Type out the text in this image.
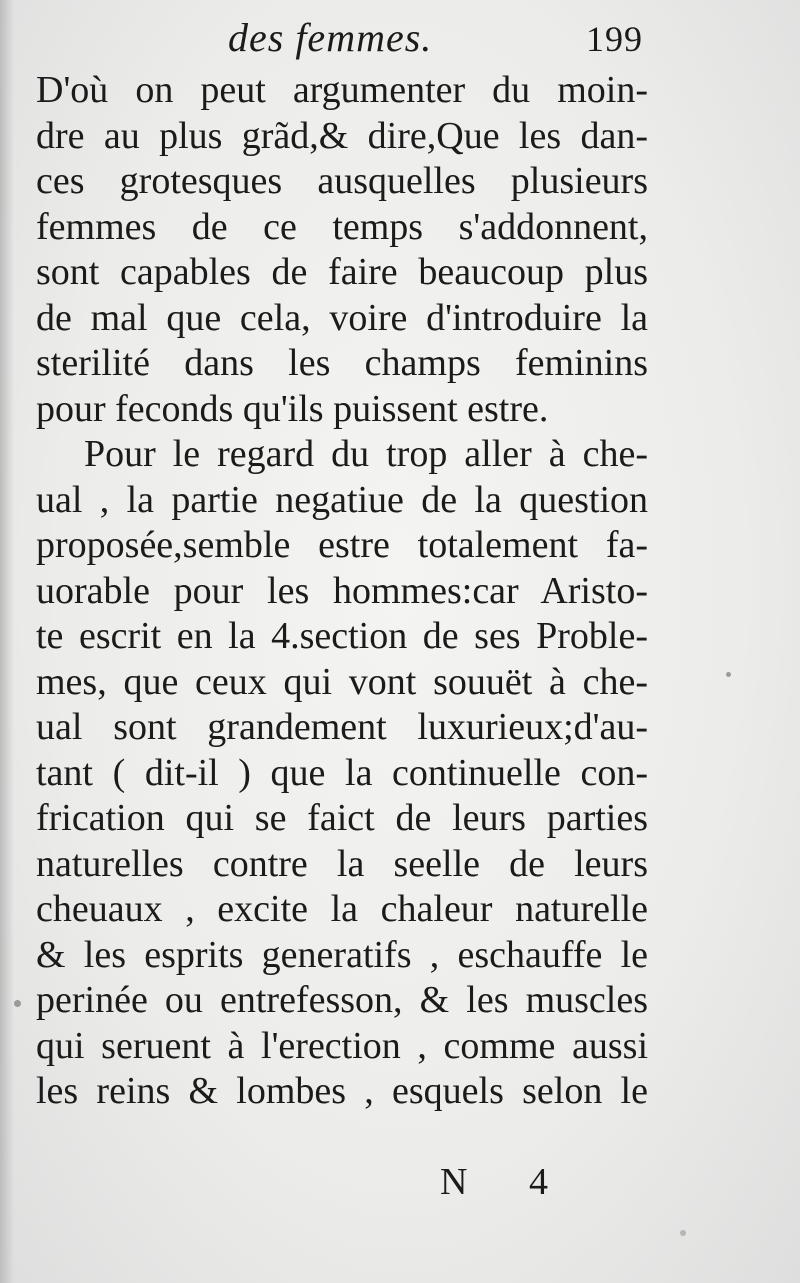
des femmes.	199
D'où on peut argumenter du moin-
dre au plus grãd,& dire,Que les dan-
ces grotesques ausquelles plusieurs
femmes de ce temps s'addonnent,
sont capables de faire beaucoup plus
de mal que cela, voire d'introduire la
sterilité dans les champs feminins
pour feconds qu'ils puissent estre.
Pour le regard du trop aller à che-
ual , la partie negatiue de la question
proposée,semble estre totalement fa-
uorable pour les hommes:car Aristo-
te escrit en la 4.section de ses Proble-
mes, que ceux qui vont souuët à che-
ual sont grandement luxurieux;d'au-
tant ( dit-il ) que la continuelle con-
frication qui se faict de leurs parties
naturelles contre la seelle de leurs
cheuaux , excite la chaleur naturelle
& les esprits generatifs , eschauffe le
perinée ou entrefesson, & les muscles
qui seruent à l'erection , comme aussi
les reins & lombes , esquels selon le
N 4
